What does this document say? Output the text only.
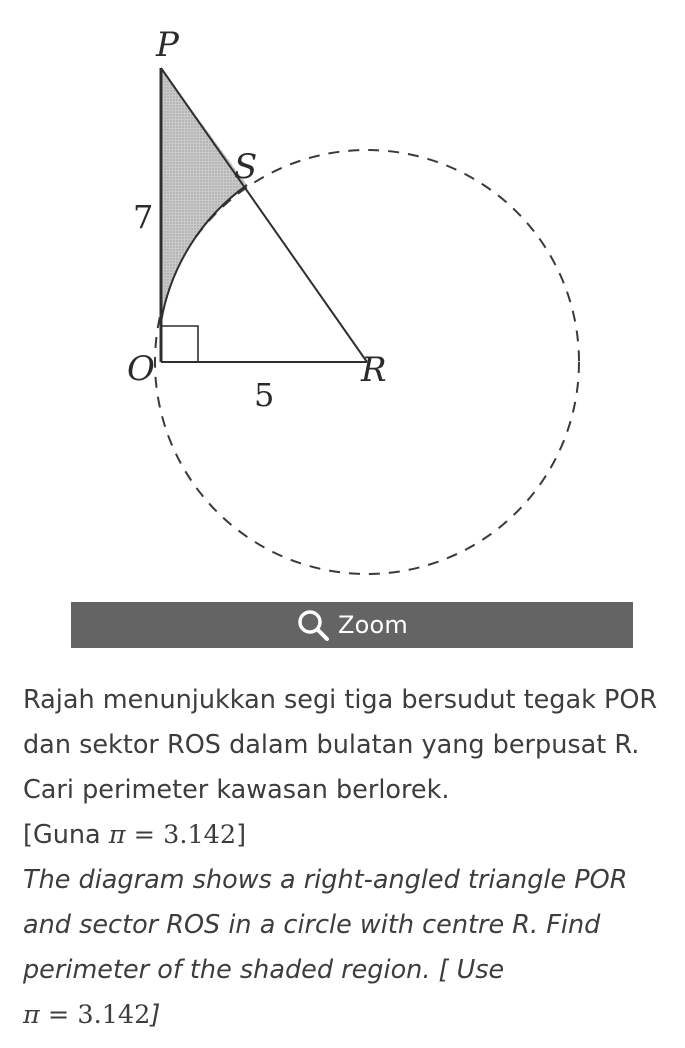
P
S
O	R
7
5
Zoom

Rajah menunjukkan segi tiga bersudut tegak POR dan sektor ROS dalam bulatan yang berpusat R. Cari perimeter kawasan berlorek.
[Guna π = 3.142]

The diagram shows a right-angled triangle POR and sector ROS in a circle with centre R. Find perimeter of the shaded region. [ Use
π = 3.142]
